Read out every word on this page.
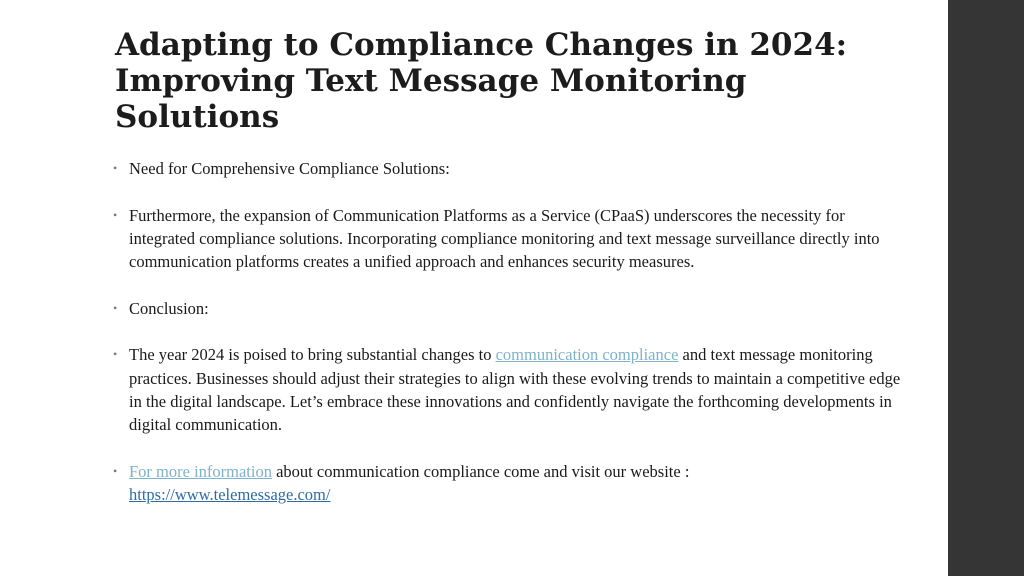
Adapting to Compliance Changes in 2024: Improving Text Message Monitoring Solutions
• Need for Comprehensive Compliance Solutions:
• Furthermore, the expansion of Communication Platforms as a Service (CPaaS) underscores the necessity for integrated compliance solutions. Incorporating compliance monitoring and text message surveillance directly into communication platforms creates a unified approach and enhances security measures.
• Conclusion:
• The year 2024 is poised to bring substantial changes to communication compliance and text message monitoring practices. Businesses should adjust their strategies to align with these evolving trends to maintain a competitive edge in the digital landscape. Let’s embrace these innovations and confidently navigate the forthcoming developments in digital communication.
• For more information about communication compliance come and visit our website :
https://www.telemessage.com/
